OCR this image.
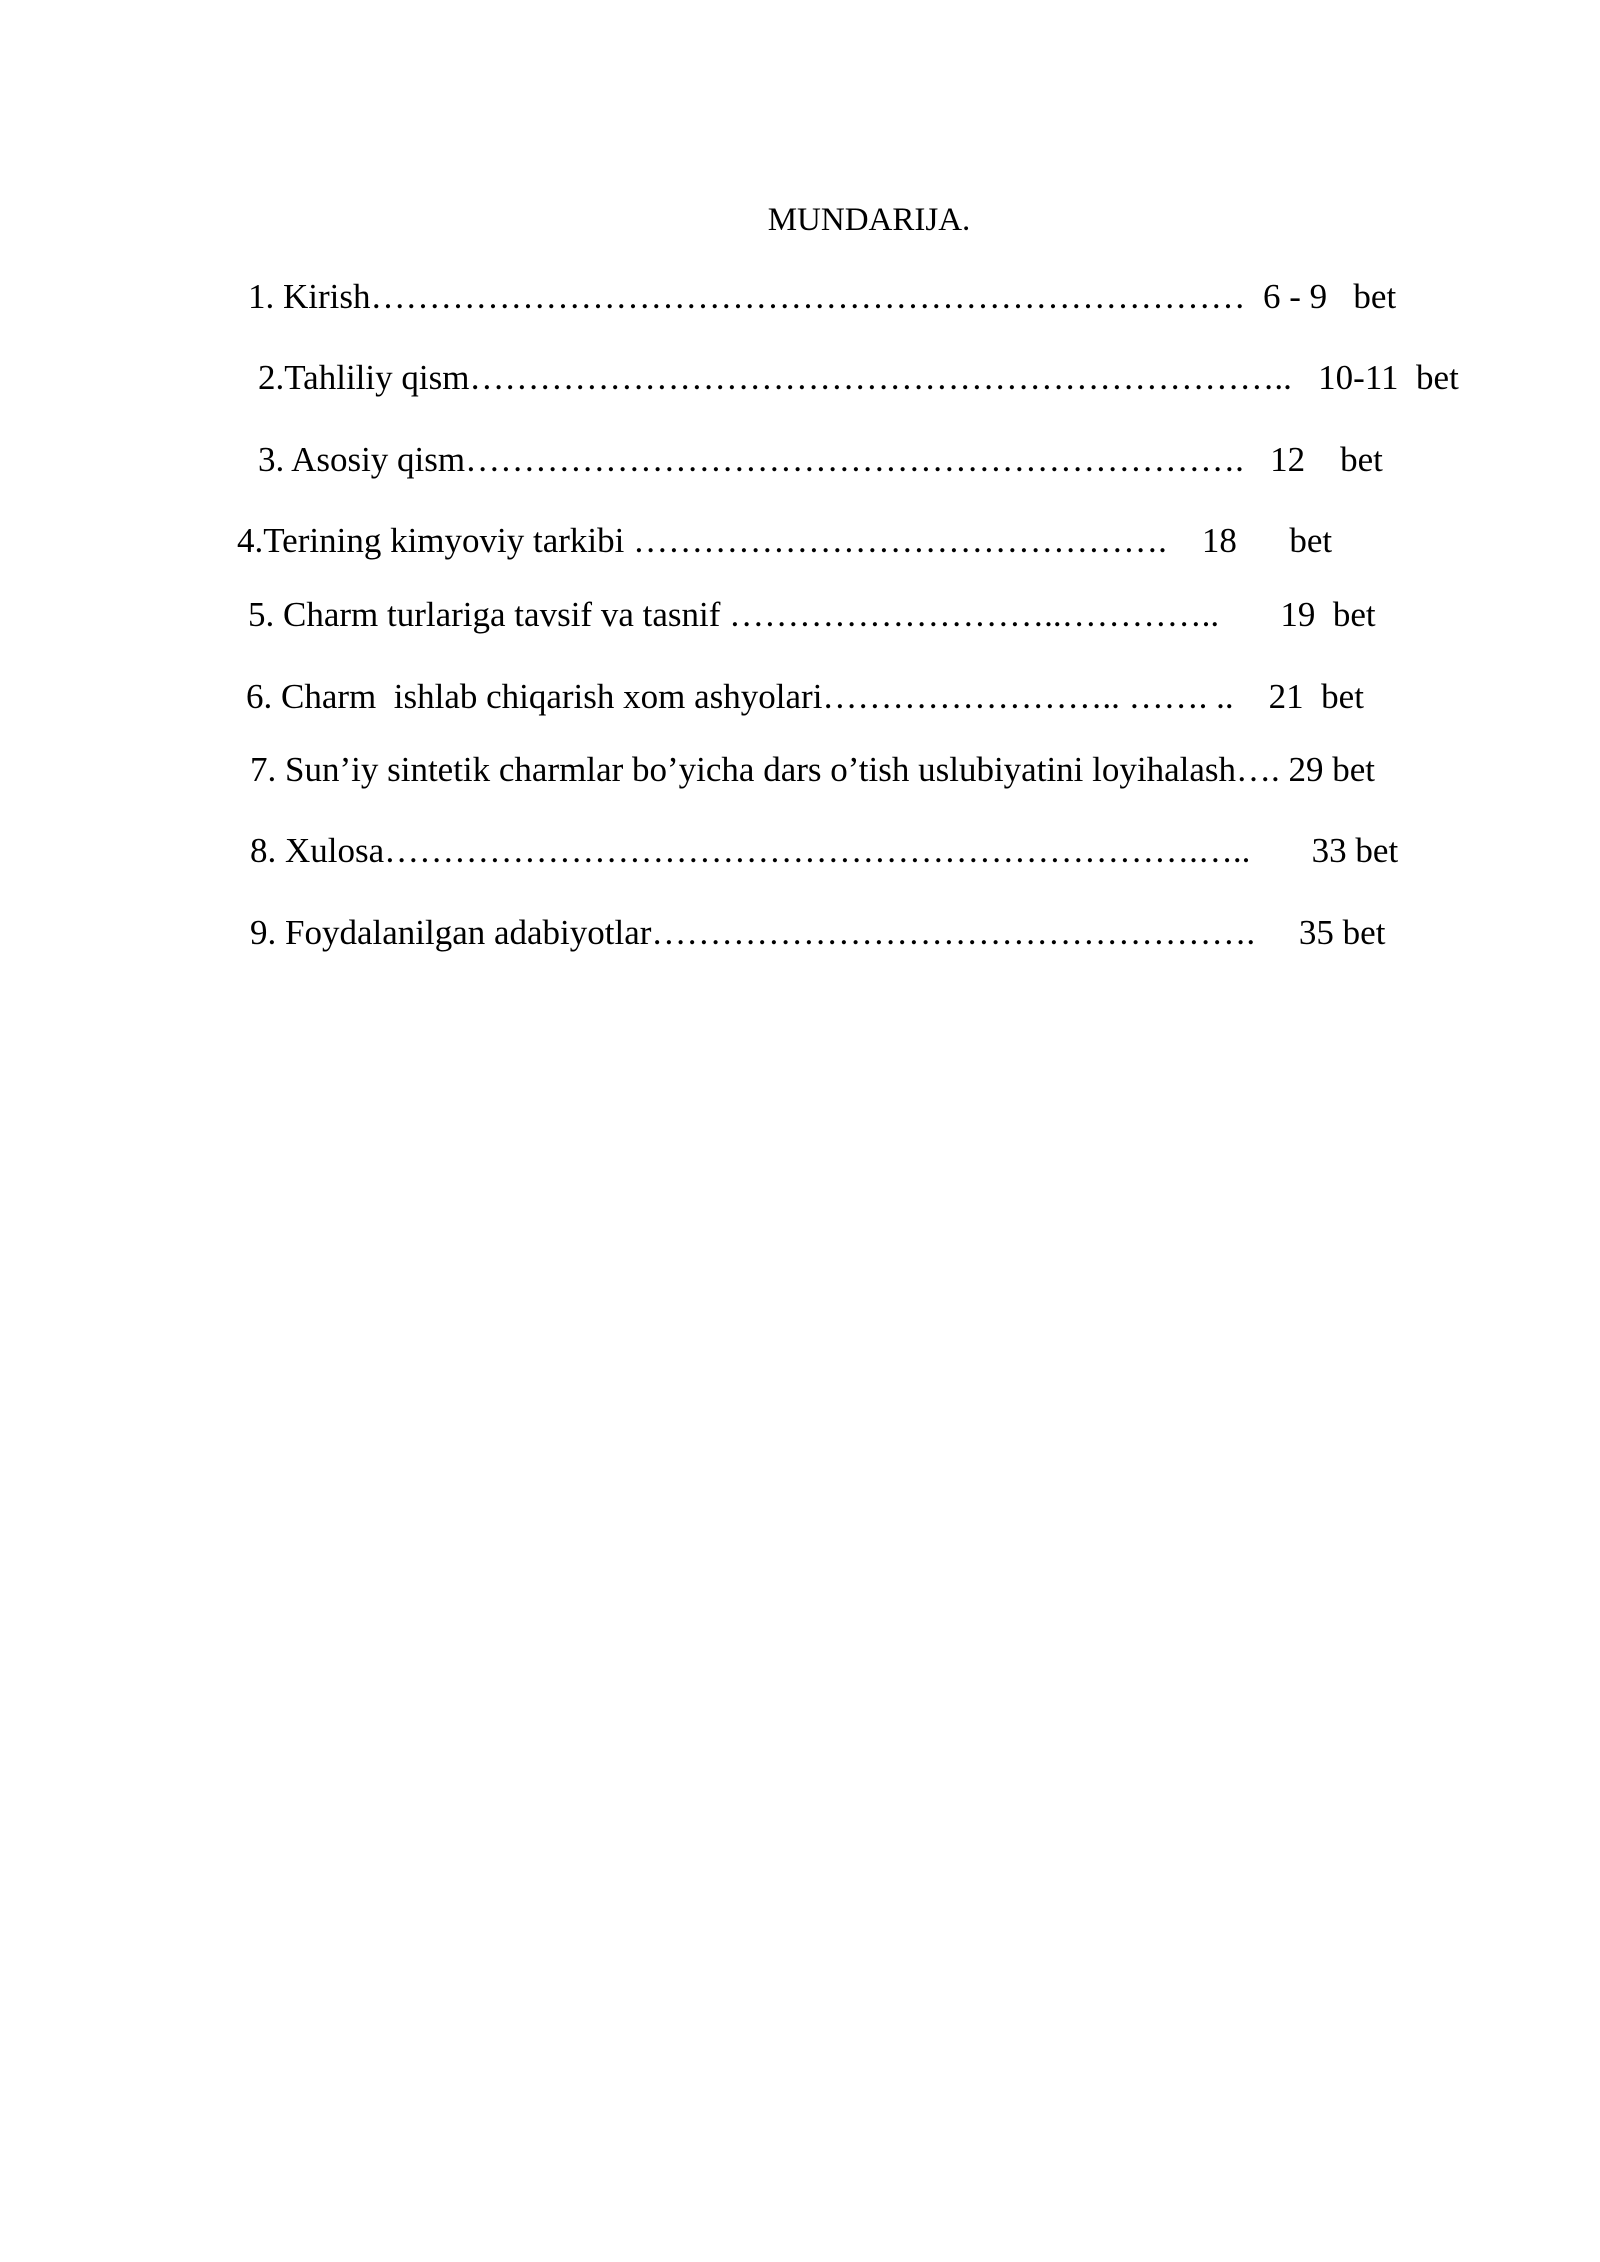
MUNDARIJA.

1. Kirish…………………………………………………………………  6 - 9   bet

2.Tahliliy qism……………………………………………………………..   10-11  bet

3. Asosiy qism………………………………………………………….   12    bet

4.Terining kimyoviy tarkibi ……………………………………….    18      bet

5. Charm turlariga tavsif va tasnif ………………………..…………..       19  bet

6. Charm  ishlab chiqarish xom ashyolari…………………….. ……. ..    21  bet

7. Sun’iy sintetik charmlar bo’yicha dars o’tish uslubiyatini loyihalash…. 29 bet

8. Xulosa…………………………………………………………….…..       33 bet

9. Foydalanilgan adabiyotlar…………………………………………….     35 bet
